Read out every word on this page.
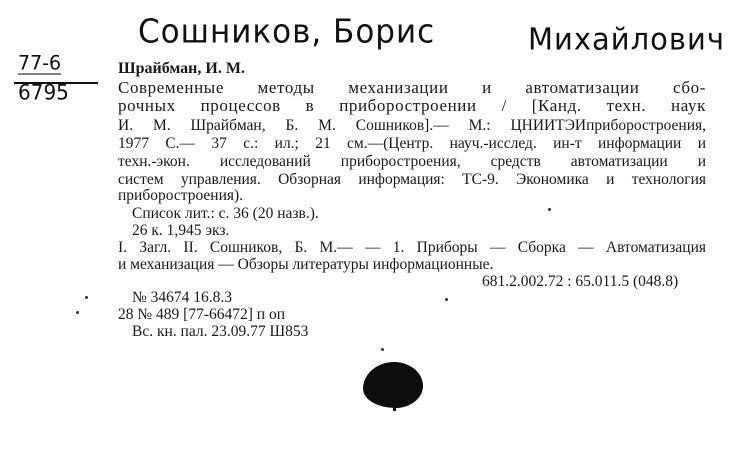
Сошников, Борис	Михайлович
77-6
6795
Шрайбман, И. М.
Современные методы механизации и автоматизации сбо-
рочных процессов в приборостроении / [Канд. техн. наук
И. М. Шрайбман, Б. М. Сошников].— М.: ЦНИИТЭИприборостроения,
1977 С.— 37 с.: ил.; 21 см.—(Центр. науч.-исслед. ин-т информации и
техн.-экон. исследований приборостроения, средств автоматизации и
систем управления. Обзорная информация: ТС-9. Экономика и технология
приборостроения).
Список лит.: с. 36 (20 назв.).
26 к. 1,945 экз.
I. Загл. II. Сошников, Б. М.— — 1. Приборы — Сборка — Автоматизация
и механизация — Обзоры литературы информационные.
681.2.002.72 : 65.011.5 (048.8)
№ 34674 16.8.3
28 № 489 [77-66472] п оп
Вс. кн. пал. 23.09.77 Ш853
